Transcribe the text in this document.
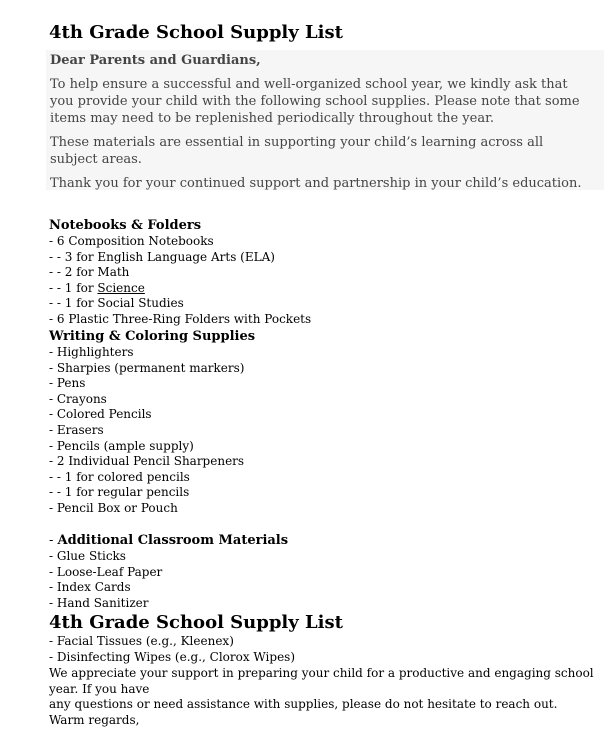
4th Grade School Supply List

Dear Parents and Guardians,

To help ensure a successful and well-organized school year, we kindly ask that you provide your child with the following school supplies. Please note that some items may need to be replenished periodically throughout the year.

These materials are essential in supporting your child’s learning across all subject areas.

Thank you for your continued support and partnership in your child’s education.

Notebooks & Folders
- 6 Composition Notebooks
- - 3 for English Language Arts (ELA)
- - 2 for Math
- - 1 for Science
- - 1 for Social Studies
- 6 Plastic Three-Ring Folders with Pockets
Writing & Coloring Supplies
- Highlighters
- Sharpies (permanent markers)
- Pens
- Crayons
- Colored Pencils
- Erasers
- Pencils (ample supply)
- 2 Individual Pencil Sharpeners
- - 1 for colored pencils
- - 1 for regular pencils
- Pencil Box or Pouch
- Additional Classroom Materials
- Glue Sticks
- Loose-Leaf Paper
- Index Cards
- Hand Sanitizer
4th Grade School Supply List
- Facial Tissues (e.g., Kleenex)
- Disinfecting Wipes (e.g., Clorox Wipes)
We appreciate your support in preparing your child for a productive and engaging school
year. If you have
any questions or need assistance with supplies, please do not hesitate to reach out.
Warm regards,
